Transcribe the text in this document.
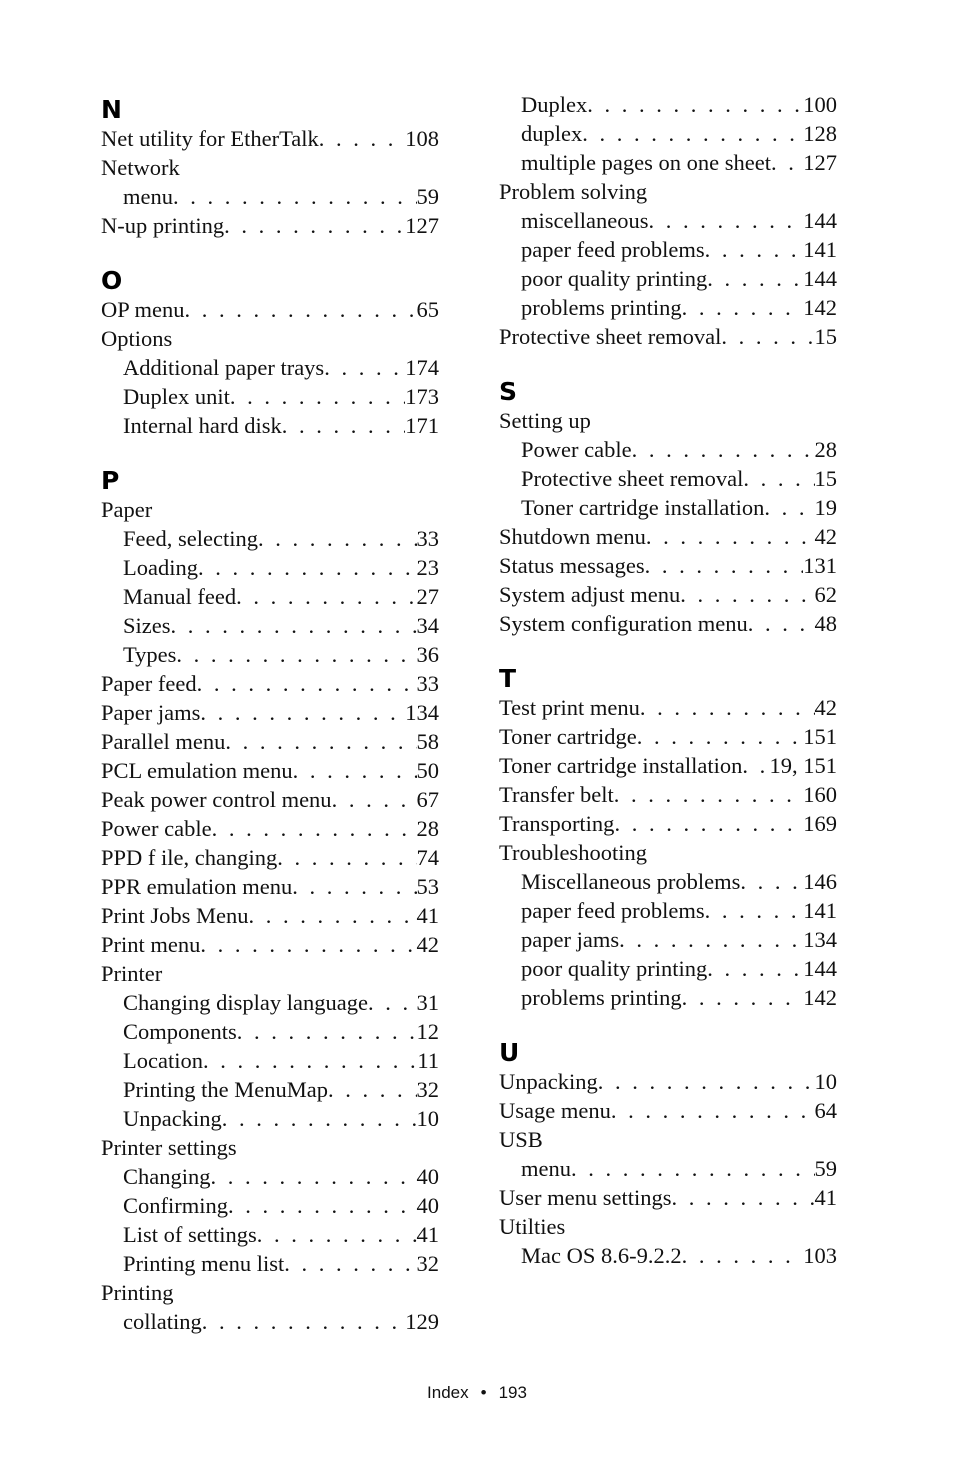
N
Net utility for EtherTalk . . .	108
Network
menu . . .	59
N-up printing . . .	127
O
OP menu . . .	65
Options
Additional paper trays . . .	174
Duplex unit . . .	173
Internal hard disk . . .	171
P
Paper
Feed, selecting . . .	33
Loading . . .	23
Manual feed . . .	27
Sizes . . .	34
Types . . .	36
Paper feed . . .	33
Paper jams . . .	134
Parallel menu . . .	58
PCL emulation menu . . .	50
Peak power control menu . . .	67
Power cable . . .	28
PPD f ile, changing . . .	74
PPR emulation menu . . .	53
Print Jobs Menu . . .	41
Print menu . . .	42
Printer
Changing display language . . . 31
Components . . .	12
Location . . .	11
Printing the MenuMap . . .	32
Unpacking . . .	10
Printer settings
Changing . . .	40
Confirming . . .	40
List of settings . . .	41
Printing menu list . . .	32
Printing
collating . . .	129
Duplex . . .	100
duplex . . .	128
multiple pages on one sheet . . . 127
Problem solving
miscellaneous . . .	144
paper feed problems . . .	141
poor quality printing . . .	144
problems printing . . .	142
Protective sheet removal . . .	15
S
Setting up
Power cable . . .	28
Protective sheet removal . . .	15
Toner cartridge installation . . . 19
Shutdown menu . . .	42
Status messages . . .	131
System adjust menu . . .	62
System configuration menu . . .	48
T
Test print menu . . .	42
Toner cartridge . . .	151
Toner cartridge installation . . . 19, 151
Transfer belt . . .	160
Transporting . . .	169
Troubleshooting
Miscellaneous problems . . .	146
paper feed problems . . .	141
paper jams . . .	134
poor quality printing . . .	144
problems printing . . .	142
U
Unpacking . . .	10
Usage menu . . .	64
USB
menu . . .	59
User menu settings . . .	41
Utilties
Mac OS 8.6-9.2.2 . . .	103
Index • 193
